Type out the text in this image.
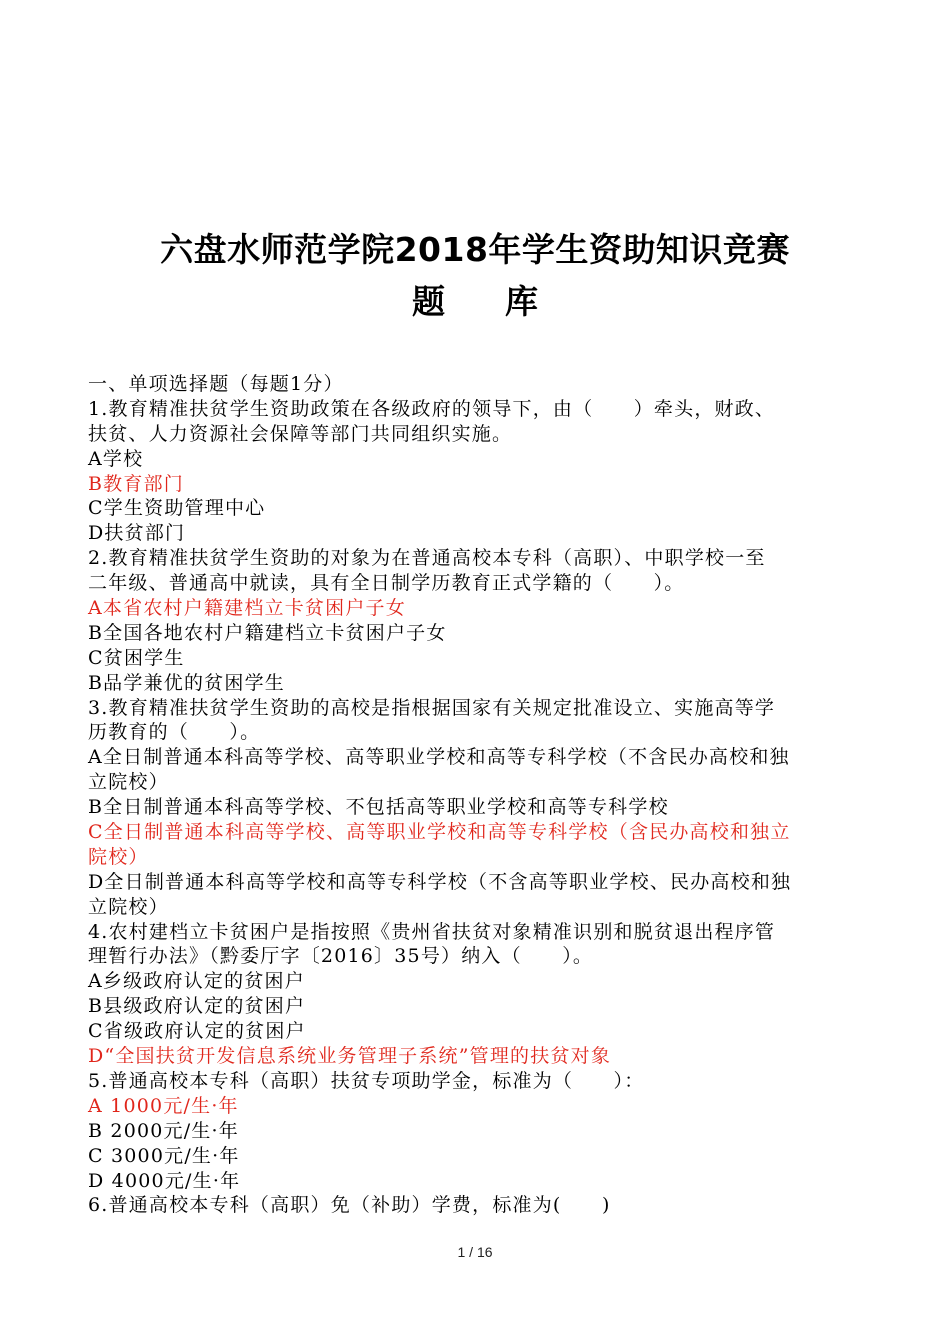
六盘水师范学院2018年学生资助知识竞赛
题库
一、单项选择题（每题1分）
1.教育精准扶贫学生资助政策在各级政府的领导下，由（　　）牵头，财政、
扶贫、人力资源社会保障等部门共同组织实施。
A学校
B教育部门
C学生资助管理中心
D扶贫部门
2.教育精准扶贫学生资助的对象为在普通高校本专科（高职）、中职学校一至
二年级、普通高中就读，具有全日制学历教育正式学籍的（　　）。
A本省农村户籍建档立卡贫困户子女
B全国各地农村户籍建档立卡贫困户子女
C贫困学生
B品学兼优的贫困学生
3.教育精准扶贫学生资助的高校是指根据国家有关规定批准设立、实施高等学
历教育的（　　）。
A全日制普通本科高等学校、高等职业学校和高等专科学校（不含民办高校和独
立院校）
B全日制普通本科高等学校、不包括高等职业学校和高等专科学校
C全日制普通本科高等学校、高等职业学校和高等专科学校（含民办高校和独立
院校）
D全日制普通本科高等学校和高等专科学校（不含高等职业学校、民办高校和独
立院校）
4.农村建档立卡贫困户是指按照《贵州省扶贫对象精准识别和脱贫退出程序管
理暂行办法》（黔委厅字〔2016〕35号）纳入（　　）。
A乡级政府认定的贫困户
B县级政府认定的贫困户
C省级政府认定的贫困户
D“全国扶贫开发信息系统业务管理子系统”管理的扶贫对象
5.普通高校本专科（高职）扶贫专项助学金，标准为（　　）：
A 1000元/生·年
B 2000元/生·年
C 3000元/生·年
D 4000元/生·年
6.普通高校本专科（高职）免（补助）学费，标准为(　　)
1 / 16
